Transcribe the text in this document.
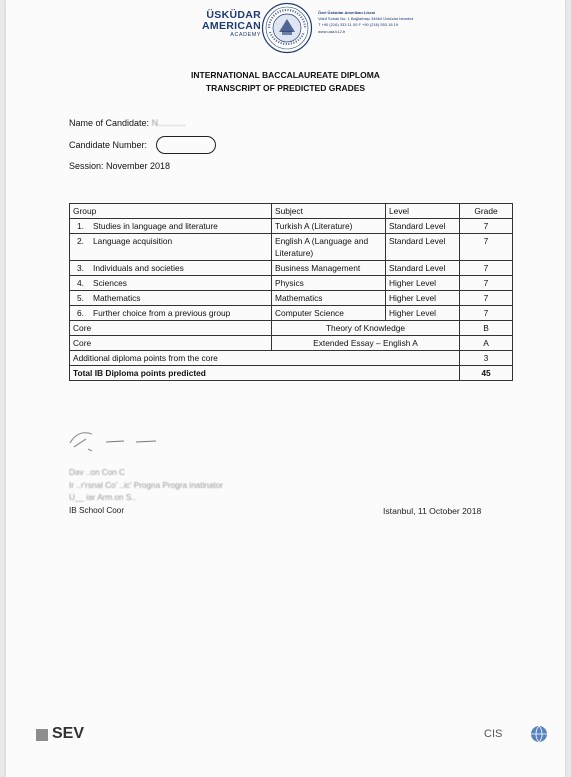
ÜSKÜDAR
AMERICAN
ACADEMY
Özel Üsküdar Amerikan Lisesi
Vakıf Sokak No: 1 Bağlarbaşı 34664 Üsküdar İstanbul
T +90 (216) 333 11 00 F +90 (216) 553 18 19
www.uaa.k12.tr
INTERNATIONAL BACCALAUREATE DIPLOMA
TRANSCRIPT OF PREDICTED GRADES
Name of Candidate: N...........
Candidate Number:
Session: November 2018
Group	Subject	Level	Grade
1. Studies in language and literature	Turkish A (Literature)	Standard Level	7
2. Language acquisition	English A (Language and Literature)	Standard Level	7
3. Individuals and societies	Business Management	Standard Level	7
4. Sciences	Physics	Higher Level	7
5. Mathematics	Mathematics	Higher Level	7
6. Further choice from a previous group	Computer Science	Higher Level	7
Core	Theory of Knowledge		B
Core	Extended Essay – English A		A
Additional diploma points from the core			3
Total IB Diploma points predicted			45
Dav ..on Con C
Ir ..r'rsnal Co' ..ic' Progna Progra inatinator
U__ iar Arm.on S..
IB School Coor	Istanbul, 11 October 2018
SEV	CIS
